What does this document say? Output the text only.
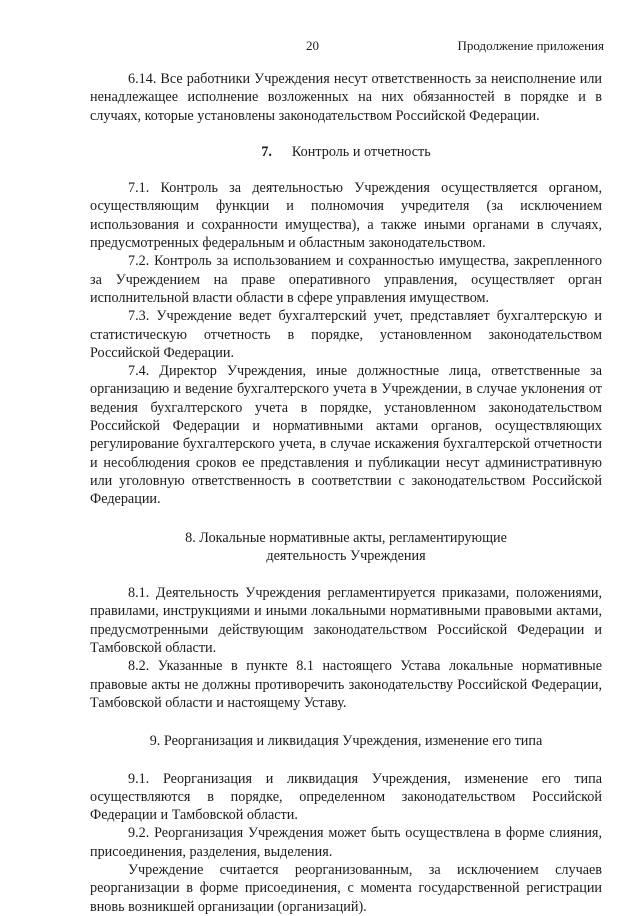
20	Продолжение приложения

6.14. Все работники Учреждения несут ответственность за неисполнение или ненадлежащее исполнение возложенных на них обязанностей в порядке и в случаях, которые установлены законодательством Российской Федерации.

7. Контроль и отчетность

7.1. Контроль за деятельностью Учреждения осуществляется органом, осуществляющим функции и полномочия учредителя (за исключением использования и сохранности имущества), а также иными органами в случаях, предусмотренных федеральным и областным законодательством.

7.2. Контроль за использованием и сохранностью имущества, закрепленного за Учреждением на праве оперативного управления, осуществляет орган исполнительной власти области в сфере управления имуществом.

7.3. Учреждение ведет бухгалтерский учет, представляет бухгалтерскую и статистическую отчетность в порядке, установленном законодательством Российской Федерации.

7.4. Директор Учреждения, иные должностные лица, ответственные за организацию и ведение бухгалтерского учета в Учреждении, в случае уклонения от ведения бухгалтерского учета в порядке, установленном законодательством Российской Федерации и нормативными актами органов, осуществляющих регулирование бухгалтерского учета, в случае искажения бухгалтерской отчетности и несоблюдения сроков ее представления и публикации несут административную или уголовную ответственность в соответствии с законодательством Российской Федерации.

8. Локальные нормативные акты, регламентирующие
деятельность Учреждения

8.1. Деятельность Учреждения регламентируется приказами, положениями, правилами, инструкциями и иными локальными нормативными правовыми актами, предусмотренными действующим законодательством Российской Федерации и Тамбовской области.

8.2. Указанные в пункте 8.1 настоящего Устава локальные нормативные правовые акты не должны противоречить законодательству Российской Федерации, Тамбовской области и настоящему Уставу.

9. Реорганизация и ликвидация Учреждения, изменение его типа

9.1. Реорганизация и ликвидация Учреждения, изменение его типа осуществляются в порядке, определенном законодательством Российской Федерации и Тамбовской области.

9.2. Реорганизация Учреждения может быть осуществлена в форме слияния, присоединения, разделения, выделения.

Учреждение считается реорганизованным, за исключением случаев реорганизации в форме присоединения, с момента государственной регистрации вновь возникшей организации (организаций).
